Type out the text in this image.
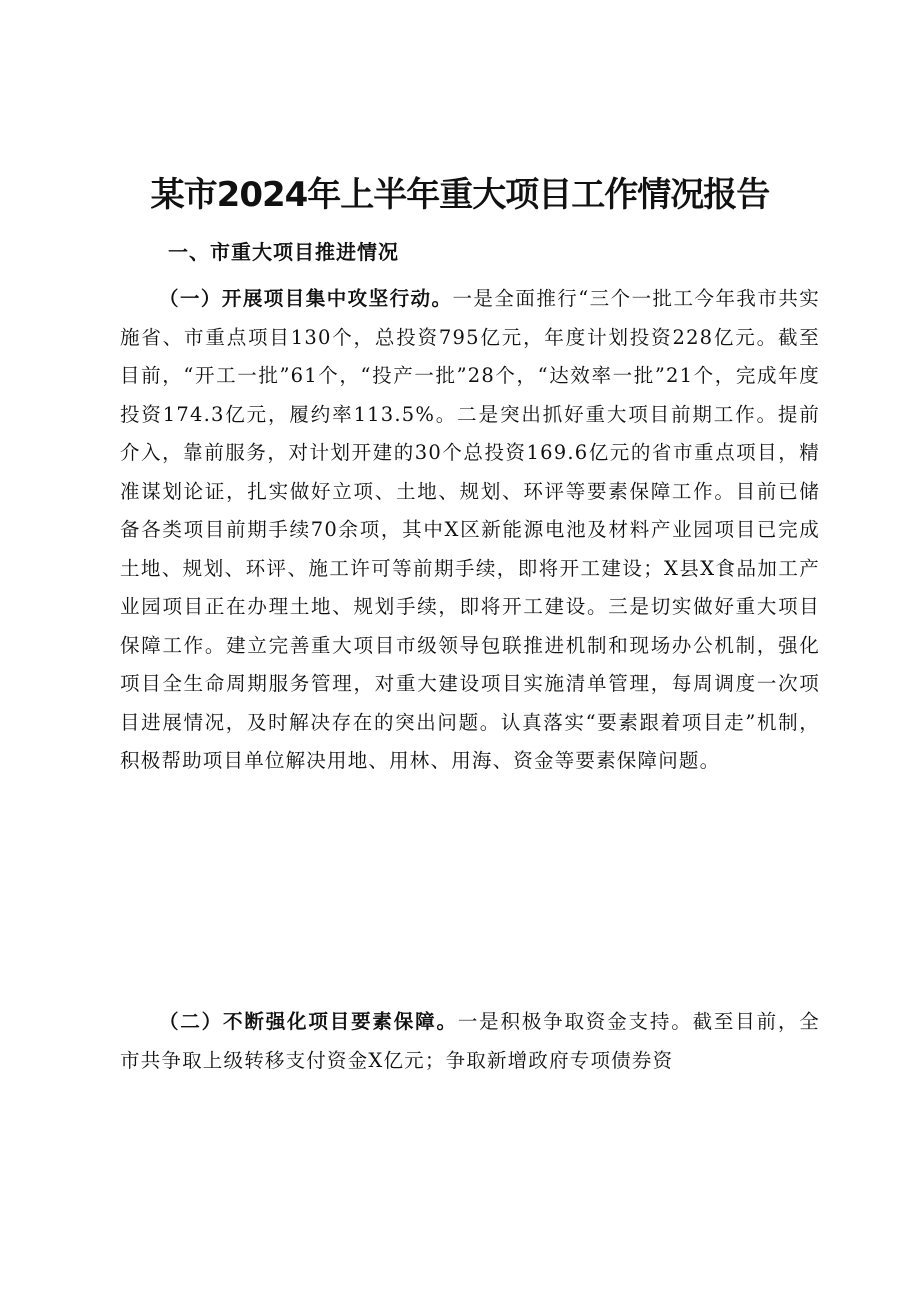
某市2024年上半年重大项目工作情况报告
一、市重大项目推进情况

（一）开展项目集中攻坚行动。一是全面推行“三个一批工今年我市共实施省、市重点项目130个，总投资795亿元，年度计划投资228亿元。截至目前，“开工一批”61个，“投产一批”28个，“达效率一批”21个，完成年度投资174.3亿元，履约率113.5%。二是突出抓好重大项目前期工作。提前介入，靠前服务，对计划开建的30个总投资169.6亿元的省市重点项目，精准谋划论证，扎实做好立项、土地、规划、环评等要素保障工作。目前已储备各类项目前期手续70余项，其中X区新能源电池及材料产业园项目已完成土地、规划、环评、施工许可等前期手续，即将开工建设；X县X食品加工产业园项目正在办理土地、规划手续，即将开工建设。三是切实做好重大项目保障工作。建立完善重大项目市级领导包联推进机制和现场办公机制，强化项目全生命周期服务管理，对重大建设项目实施清单管理，每周调度一次项目进展情况，及时解决存在的突出问题。认真落实“要素跟着项目走”机制，积极帮助项目单位解决用地、用林、用海、资金等要素保障问题。

（二）不断强化项目要素保障。一是积极争取资金支持。截至目前，全市共争取上级转移支付资金X亿元；争取新增政府专项债券资
